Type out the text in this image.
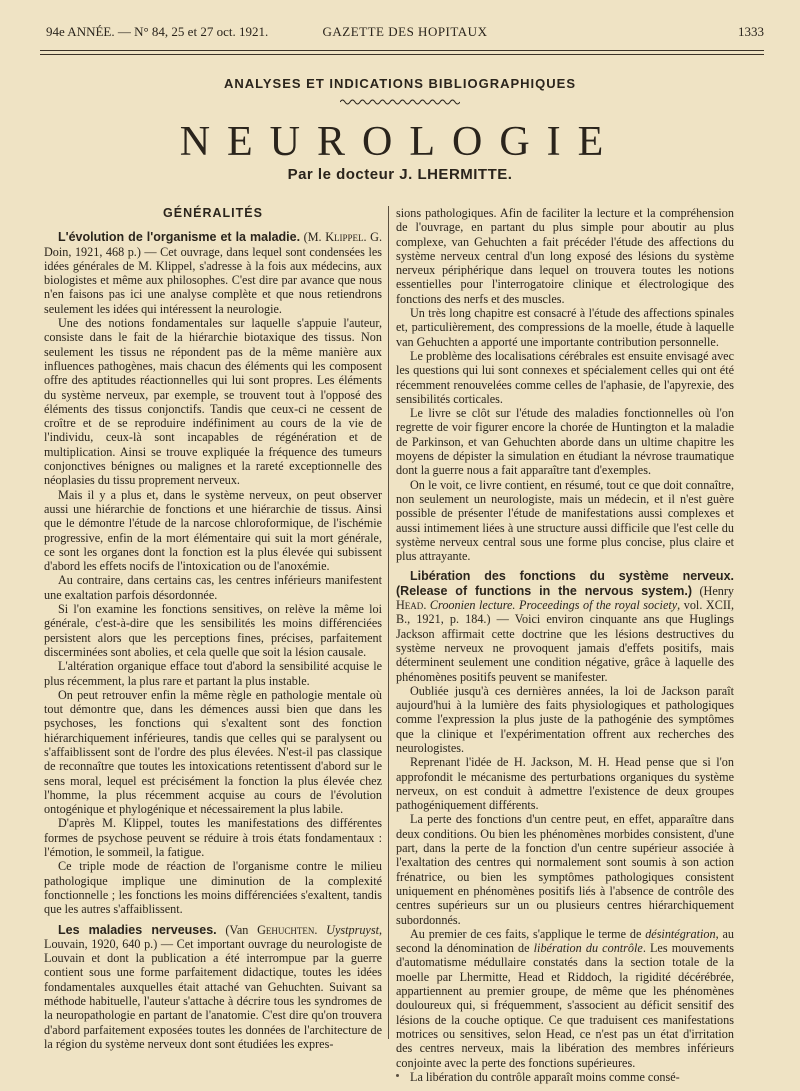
94e ANNÉE. — N° 84, 25 et 27 oct. 1921.	GAZETTE DES HOPITAUX	1333
ANALYSES ET INDICATIONS BIBLIOGRAPHIQUES
NEUROLOGIE
Par le docteur J. LHERMITTE.
GÉNÉRALITÉS

L'évolution de l'organisme et la maladie. (M. Klippel. G. Doin, 1921, 468 p.) — Cet ouvrage, dans lequel sont condensées les idées générales de M. Klippel, s'adresse à la fois aux médecins, aux biologistes et même aux philosophes. C'est dire par avance que nous n'en faisons pas ici une analyse complète et que nous retiendrons seulement les idées qui intéressent la neurologie.

Une des notions fondamentales sur laquelle s'appuie l'auteur, consiste dans le fait de la hiérarchie biotaxique des tissus. Non seulement les tissus ne répondent pas de la même manière aux influences pathogènes, mais chacun des éléments qui les composent offre des aptitudes réactionnelles qui lui sont propres. Les éléments du système nerveux, par exemple, se trouvent tout à l'opposé des éléments des tissus conjonctifs. Tandis que ceux-ci ne cessent de croître et de se reproduire indéfiniment au cours de la vie de l'individu, ceux-là sont incapables de régénération et de multiplication. Ainsi se trouve expliquée la fréquence des tumeurs conjonctives bénignes ou malignes et la rareté exceptionnelle des néoplasies du tissu proprement nerveux.

Mais il y a plus et, dans le système nerveux, on peut observer aussi une hiérarchie de fonctions et une hiérarchie de tissus. Ainsi que le démontre l'étude de la narcose chloroformique, de l'ischémie progressive, enfin de la mort élémentaire qui suit la mort générale, ce sont les organes dont la fonction est la plus élevée qui subissent d'abord les effets nocifs de l'intoxication ou de l'anoxémie.

Au contraire, dans certains cas, les centres inférieurs manifestent une exaltation parfois désordonnée.

Si l'on examine les fonctions sensitives, on relève la même loi générale, c'est-à-dire que les sensibilités les moins différenciées persistent alors que les perceptions fines, précises, parfaitement discerminées sont abolies, et cela quelle que soit la lésion causale.

L'altération organique efface tout d'abord la sensibilité acquise le plus récemment, la plus rare et partant la plus instable.

On peut retrouver enfin la même règle en pathologie mentale où tout démontre que, dans les démences aussi bien que dans les psychoses, les fonctions qui s'exaltent sont des fonction hiérarchiquement inférieures, tandis que celles qui se paralysent ou s'affaiblissent sont de l'ordre des plus élevées. N'est-il pas classique de reconnaître que toutes les intoxications retentissent d'abord sur le sens moral, lequel est précisément la fonction la plus élevée chez l'homme, la plus récemment acquise au cours de l'évolution ontogénique et phylogénique et nécessairement la plus labile.

D'après M. Klippel, toutes les manifestations des différentes formes de psychose peuvent se réduire à trois états fondamentaux : l'émotion, le sommeil, la fatigue.

Ce triple mode de réaction de l'organisme contre le milieu pathologique implique une diminution de la complexité fonctionnelle ; les fonctions les moins différenciées s'exaltent, tandis que les autres s'affaiblissent.

Les maladies nerveuses. (Van Gehuchten. Uystpruyst, Louvain, 1920, 640 p.) — Cet important ouvrage du neurologiste de Louvain et dont la publication a été interrompue par la guerre contient sous une forme parfaitement didactique, toutes les idées fondamentales auxquelles était attaché van Gehuchten. Suivant sa méthode habituelle, l'auteur s'attache à décrire tous les syndromes de la neuropathologie en partant de l'anatomie. C'est dire qu'on trouvera d'abord parfaitement exposées toutes les données de l'architecture de la région du système nerveux dont sont étudiées les expres-

sions pathologiques. Afin de faciliter la lecture et la compréhension de l'ouvrage, en partant du plus simple pour aboutir au plus complexe, van Gehuchten a fait précéder l'étude des affections du système nerveux central d'un long exposé des lésions du système nerveux périphérique dans lequel on trouvera toutes les notions essentielles pour l'interrogatoire clinique et électrologique des fonctions des nerfs et des muscles.

Un très long chapitre est consacré à l'étude des affections spinales et, particulièrement, des compressions de la moelle, étude à laquelle van Gehuchten a apporté une importante contribution personnelle.

Le problème des localisations cérébrales est ensuite envisagé avec les questions qui lui sont connexes et spécialement celles qui ont été récemment renouvelées comme celles de l'aphasie, de l'apyrexie, des sensibilités corticales.

Le livre se clôt sur l'étude des maladies fonctionnelles où l'on regrette de voir figurer encore la chorée de Huntington et la maladie de Parkinson, et van Gehuchten aborde dans un ultime chapitre les moyens de dépister la simulation en étudiant la névrose traumatique dont la guerre nous a fait apparaître tant d'exemples.

On le voit, ce livre contient, en résumé, tout ce que doit connaître, non seulement un neurologiste, mais un médecin, et il n'est guère possible de présenter l'étude de manifestations aussi complexes et aussi intimement liées à une structure aussi difficile que l'est celle du système nerveux central sous une forme plus concise, plus claire et plus attrayante.

Libération des fonctions du système nerveux. (Release of functions in the nervous system.) (Henry Head. Croonien lecture. Proceedings of the royal society, vol. XCII, B., 1921, p. 184.) — Voici environ cinquante ans que Huglings Jackson affirmait cette doctrine que les lésions destructives du système nerveux ne provoquent jamais d'effets positifs, mais déterminent seulement une condition négative, grâce à laquelle des phénomènes positifs peuvent se manifester.

Oubliée jusqu'à ces dernières années, la loi de Jackson paraît aujourd'hui à la lumière des faits physiologiques et pathologiques comme l'expression la plus juste de la pathogénie des symptômes que la clinique et l'expérimentation offrent aux recherches des neurologistes.

Reprenant l'idée de H. Jackson, M. H. Head pense que si l'on approfondit le mécanisme des perturbations organiques du système nerveux, on est conduit à admettre l'existence de deux groupes pathogéniquement différents.

La perte des fonctions d'un centre peut, en effet, apparaître dans deux conditions. Ou bien les phénomènes morbides consistent, d'une part, dans la perte de la fonction d'un centre supérieur associée à l'exaltation des centres qui normalement sont soumis à son action frénatrice, ou bien les symptômes pathologiques consistent uniquement en phénomènes positifs liés à l'absence de contrôle des centres supérieurs sur un ou plusieurs centres hiérarchiquement subordonnés.

Au premier de ces faits, s'applique le terme de désintégration, au second la dénomination de libération du contrôle. Les mouvements d'automatisme médullaire constatés dans la section totale de la moelle par Lhermitte, Head et Riddoch, la rigidité décérébrée, appartiennent au premier groupe, de même que les phénomènes douloureux qui, si fréquemment, s'associent au déficit sensitif des lésions de la couche optique. Ce que traduisent ces manifestations motrices ou sensitives, selon Head, ce n'est pas un état d'irritation des centres nerveux, mais la libération des membres inférieurs conjointe avec la perte des fonctions supérieures.

La libération du contrôle apparaît moins comme consé-
